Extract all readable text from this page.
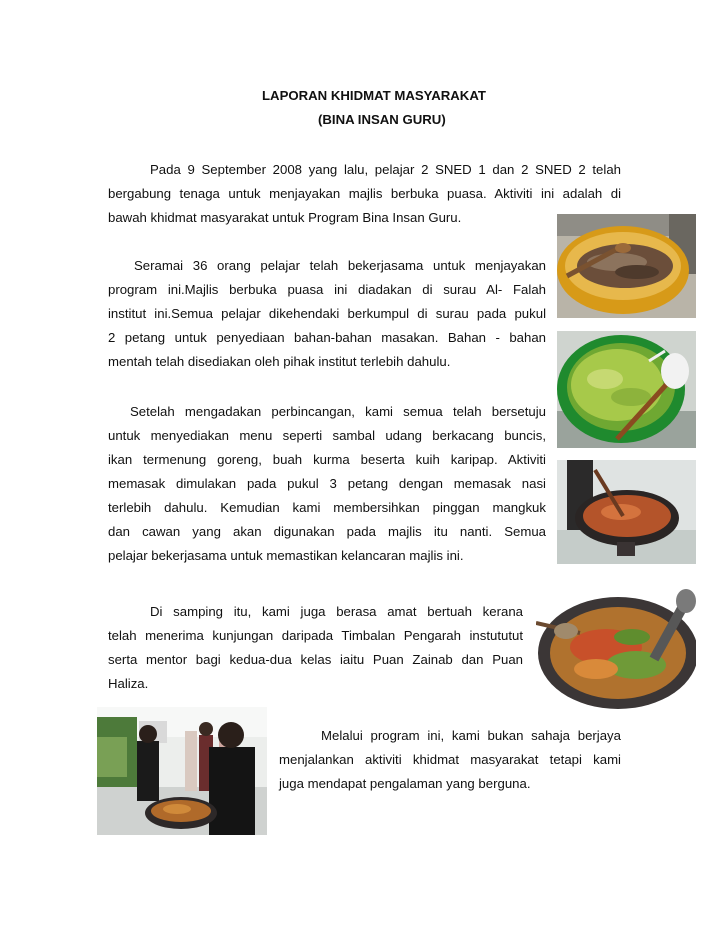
LAPORAN KHIDMAT MASYARAKAT
(BINA INSAN GURU)
Pada 9 September 2008 yang lalu, pelajar 2 SNED 1 dan 2 SNED 2 telah
bergabung tenaga untuk menjayakan majlis berbuka puasa. Aktiviti ini adalah di
bawah khidmat masyarakat untuk Program Bina Insan Guru.
Seramai 36 orang pelajar telah bekerjasama untuk menjayakan
program ini.Majlis berbuka puasa ini diadakan di surau Al- Falah
institut ini.Semua pelajar dikehendaki berkumpul di surau pada pukul
2 petang untuk penyediaan bahan-bahan masakan. Bahan - bahan
mentah telah disediakan oleh pihak institut terlebih dahulu.
Setelah mengadakan perbincangan, kami semua telah bersetuju
untuk menyediakan menu seperti sambal udang berkacang buncis,
ikan termenung goreng, buah kurma beserta kuih karipap. Aktiviti
memasak dimulakan pada pukul 3 petang dengan memasak nasi
terlebih dahulu. Kemudian kami membersihkan pinggan mangkuk
dan cawan yang akan digunakan pada majlis itu nanti. Semua
pelajar bekerjasama untuk memastikan kelancaran majlis ini.
Di samping itu, kami juga berasa amat bertuah kerana
telah menerima kunjungan daripada Timbalan Pengarah instututut
serta mentor bagi kedua-dua kelas iaitu Puan Zainab dan Puan
Haliza.
Melalui program ini, kami bukan sahaja berjaya
menjalankan aktiviti khidmat masyarakat tetapi kami
juga mendapat pengalaman yang berguna.
